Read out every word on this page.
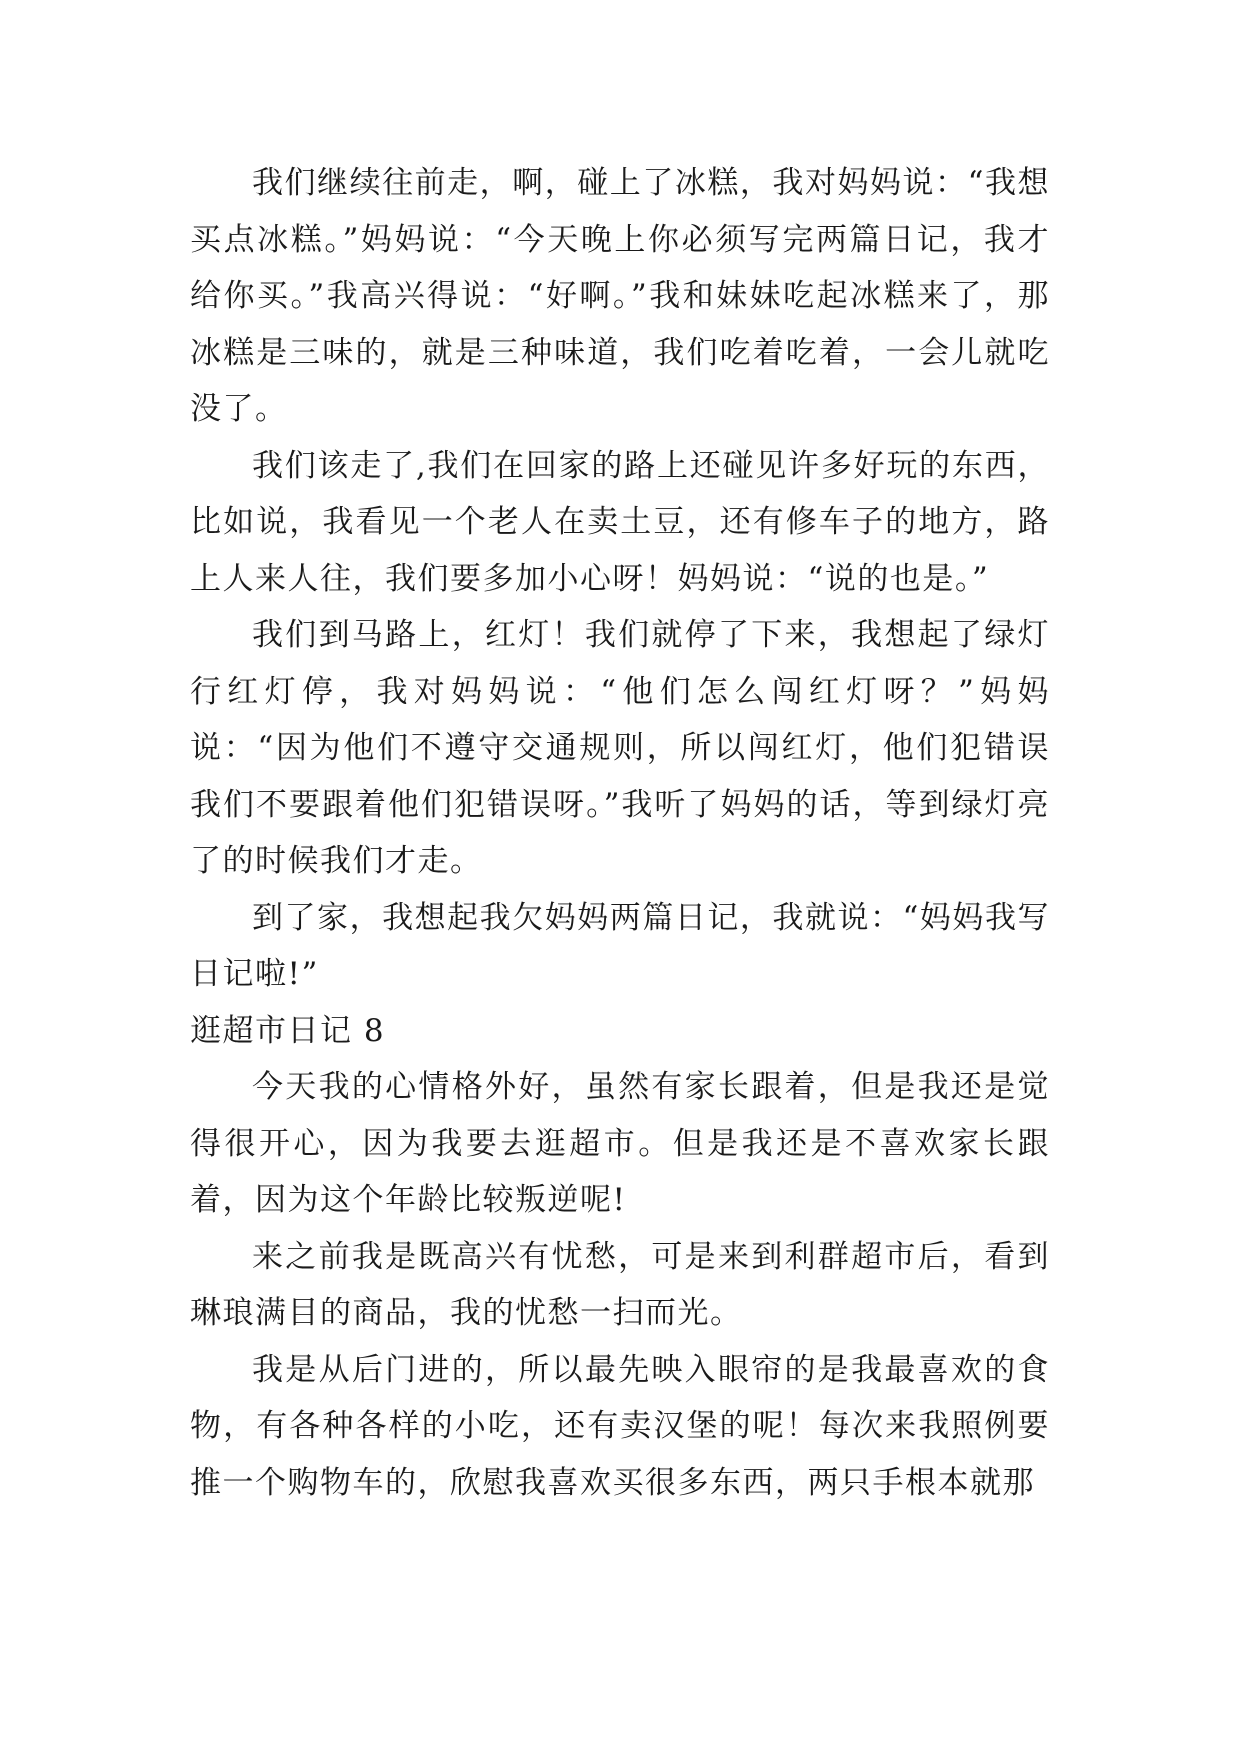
我们继续往前走，啊，碰上了冰糕，我对妈妈说：“我想买点冰糕。”妈妈说：“今天晚上你必须写完两篇日记，我才给你买。”我高兴得说：“好啊。”我和妹妹吃起冰糕来了，那冰糕是三味的，就是三种味道，我们吃着吃着，一会儿就吃没了。

我们该走了,我们在回家的路上还碰见许多好玩的东西，比如说，我看见一个老人在卖土豆，还有修车子的地方，路上人来人往，我们要多加小心呀！妈妈说：“说的也是。”

我们到马路上，红灯！我们就停了下来，我想起了绿灯行红灯停，我对妈妈说：“他们怎么闯红灯呀？”妈妈说：“因为他们不遵守交通规则，所以闯红灯，他们犯错误我们不要跟着他们犯错误呀。”我听了妈妈的话，等到绿灯亮了的时候我们才走。

到了家，我想起我欠妈妈两篇日记，我就说：“妈妈我写日记啦!”

逛超市日记 8

今天我的心情格外好，虽然有家长跟着，但是我还是觉得很开心，因为我要去逛超市。但是我还是不喜欢家长跟着，因为这个年龄比较叛逆呢!

来之前我是既高兴有忧愁，可是来到利群超市后，看到琳琅满目的商品，我的忧愁一扫而光。

我是从后门进的，所以最先映入眼帘的是我最喜欢的食物，有各种各样的小吃，还有卖汉堡的呢！每次来我照例要推一个购物车的，欣慰我喜欢买很多东西，两只手根本就那
